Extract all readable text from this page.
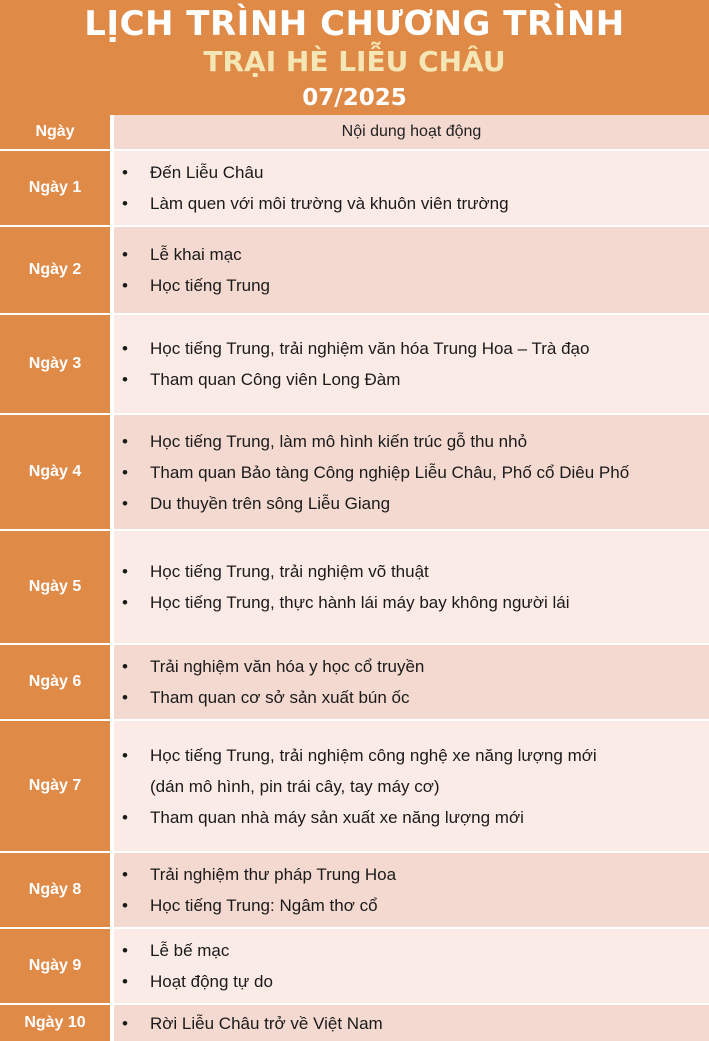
LỊCH TRÌNH CHƯƠNG TRÌNH
TRẠI HÈ LIỄU CHÂU
07/2025
Ngày	Nội dung hoạt động
Ngày 1
• Đến Liễu Châu
• Làm quen với môi trường và khuôn viên trường
Ngày 2
• Lễ khai mạc
• Học tiếng Trung
Ngày 3
• Học tiếng Trung, trải nghiệm văn hóa Trung Hoa – Trà đạo
• Tham quan Công viên Long Đàm
Ngày 4
• Học tiếng Trung, làm mô hình kiến trúc gỗ thu nhỏ
• Tham quan Bảo tàng Công nghiệp Liễu Châu, Phố cổ Diêu Phố
• Du thuyền trên sông Liễu Giang
Ngày 5
• Học tiếng Trung, trải nghiệm võ thuật
• Học tiếng Trung, thực hành lái máy bay không người lái
Ngày 6
• Trải nghiệm văn hóa y học cổ truyền
• Tham quan cơ sở sản xuất bún ốc
Ngày 7
• Học tiếng Trung, trải nghiệm công nghệ xe năng lượng mới
(dán mô hình, pin trái cây, tay máy cơ)
• Tham quan nhà máy sản xuất xe năng lượng mới
Ngày 8
• Trải nghiệm thư pháp Trung Hoa
• Học tiếng Trung: Ngâm thơ cổ
Ngày 9
• Lễ bế mạc
• Hoạt động tự do
Ngày 10
•	Rời Liễu Châu trở về Việt Nam
